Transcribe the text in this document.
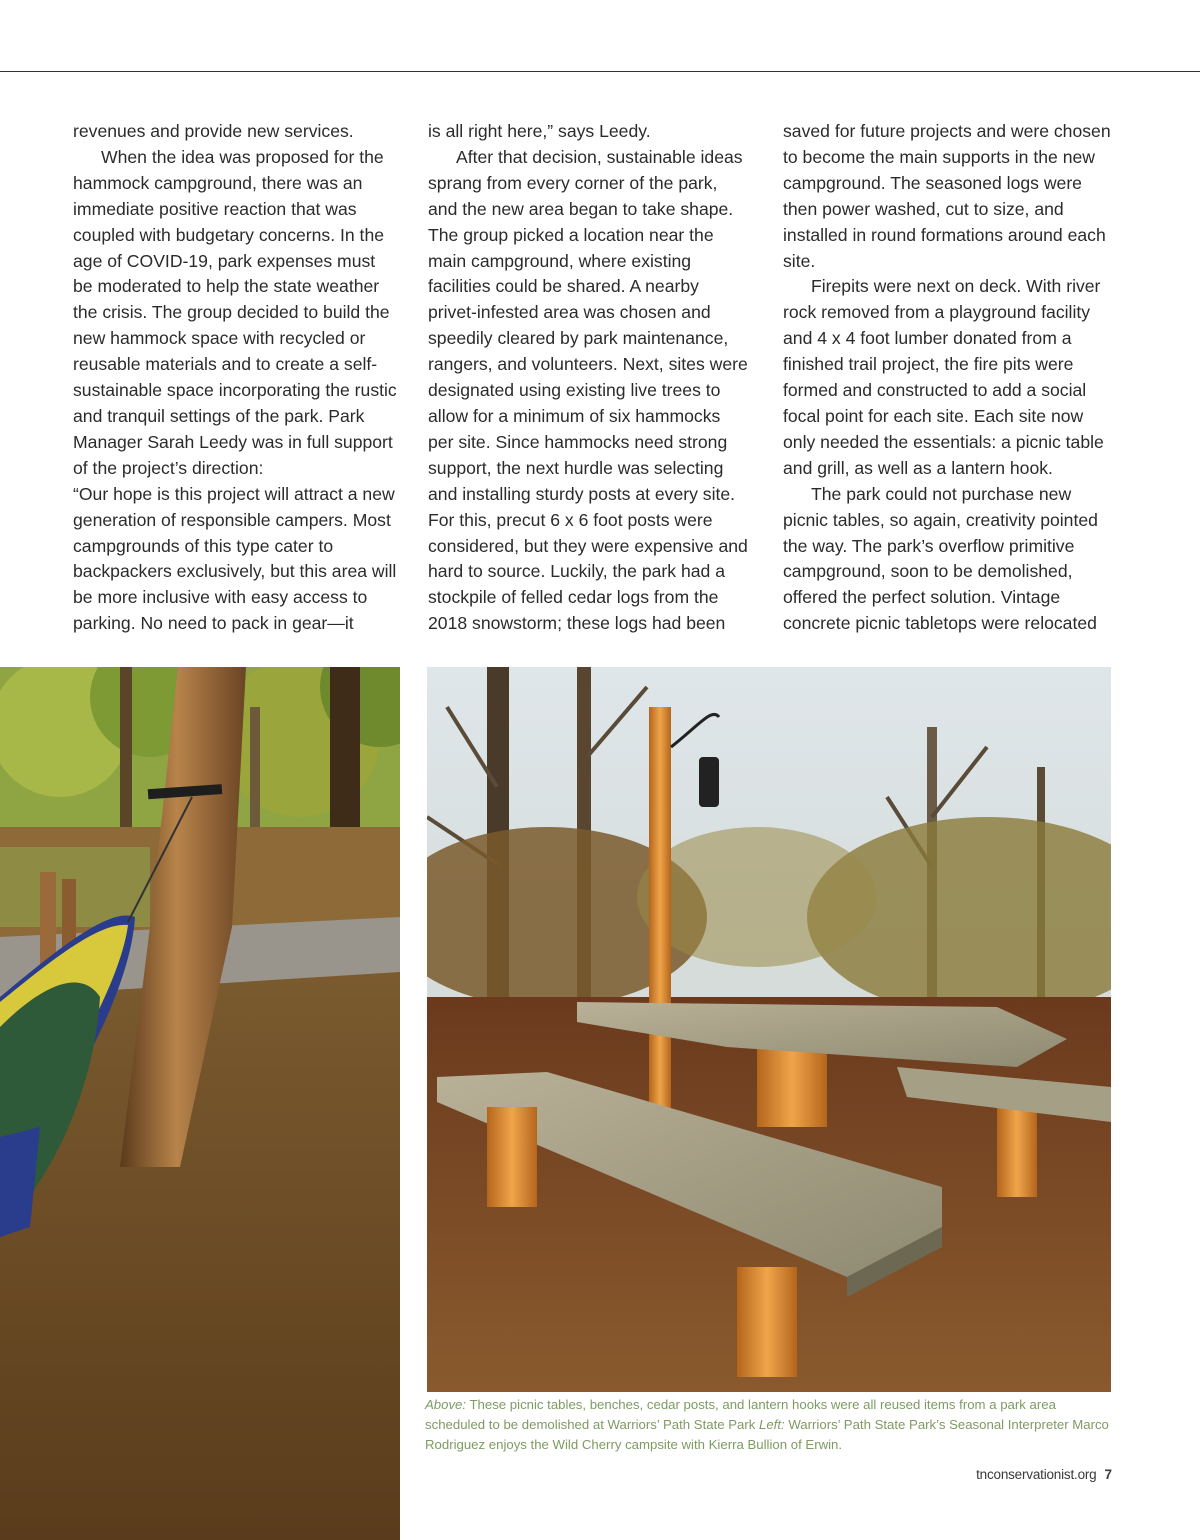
revenues and provide new services.

When the idea was proposed for the hammock campground, there was an immediate positive reaction that was coupled with budgetary concerns. In the age of COVID-19, park expenses must be moderated to help the state weather the crisis. The group decided to build the new hammock space with recycled or reusable materials and to create a self-sustainable space incorporating the rustic and tranquil settings of the park. Park Manager Sarah Leedy was in full support of the project’s direction:

“Our hope is this project will attract a new generation of responsible campers. Most campgrounds of this type cater to backpackers exclusively, but this area will be more inclusive with easy access to parking. No need to pack in gear—it

is all right here,” says Leedy.

After that decision, sustainable ideas sprang from every corner of the park, and the new area began to take shape. The group picked a location near the main campground, where existing facilities could be shared. A nearby privet-infested area was chosen and speedily cleared by park maintenance, rangers, and volunteers. Next, sites were designated using existing live trees to allow for a minimum of six hammocks per site. Since hammocks need strong support, the next hurdle was selecting and installing sturdy posts at every site. For this, precut 6 x 6 foot posts were considered, but they were expensive and hard to source. Luckily, the park had a stockpile of felled cedar logs from the 2018 snowstorm; these logs had been

saved for future projects and were chosen to become the main supports in the new campground. The seasoned logs were then power washed, cut to size, and installed in round formations around each site.

Firepits were next on deck. With river rock removed from a playground facility and 4 x 4 foot lumber donated from a finished trail project, the fire pits were formed and constructed to add a social focal point for each site. Each site now only needed the essentials: a picnic table and grill, as well as a lantern hook.

The park could not purchase new picnic tables, so again, creativity pointed the way. The park’s overflow primitive campground, soon to be demolished, offered the perfect solution. Vintage concrete picnic tabletops were relocated

Above: These picnic tables, benches, cedar posts, and lantern hooks were all reused items from a park area scheduled to be demolished at Warriors’ Path State Park Left: Warriors’ Path State Park’s Seasonal Interpreter Marco Rodriguez enjoys the Wild Cherry campsite with Kierra Bullion of Erwin.
tnconservationist.org 7
